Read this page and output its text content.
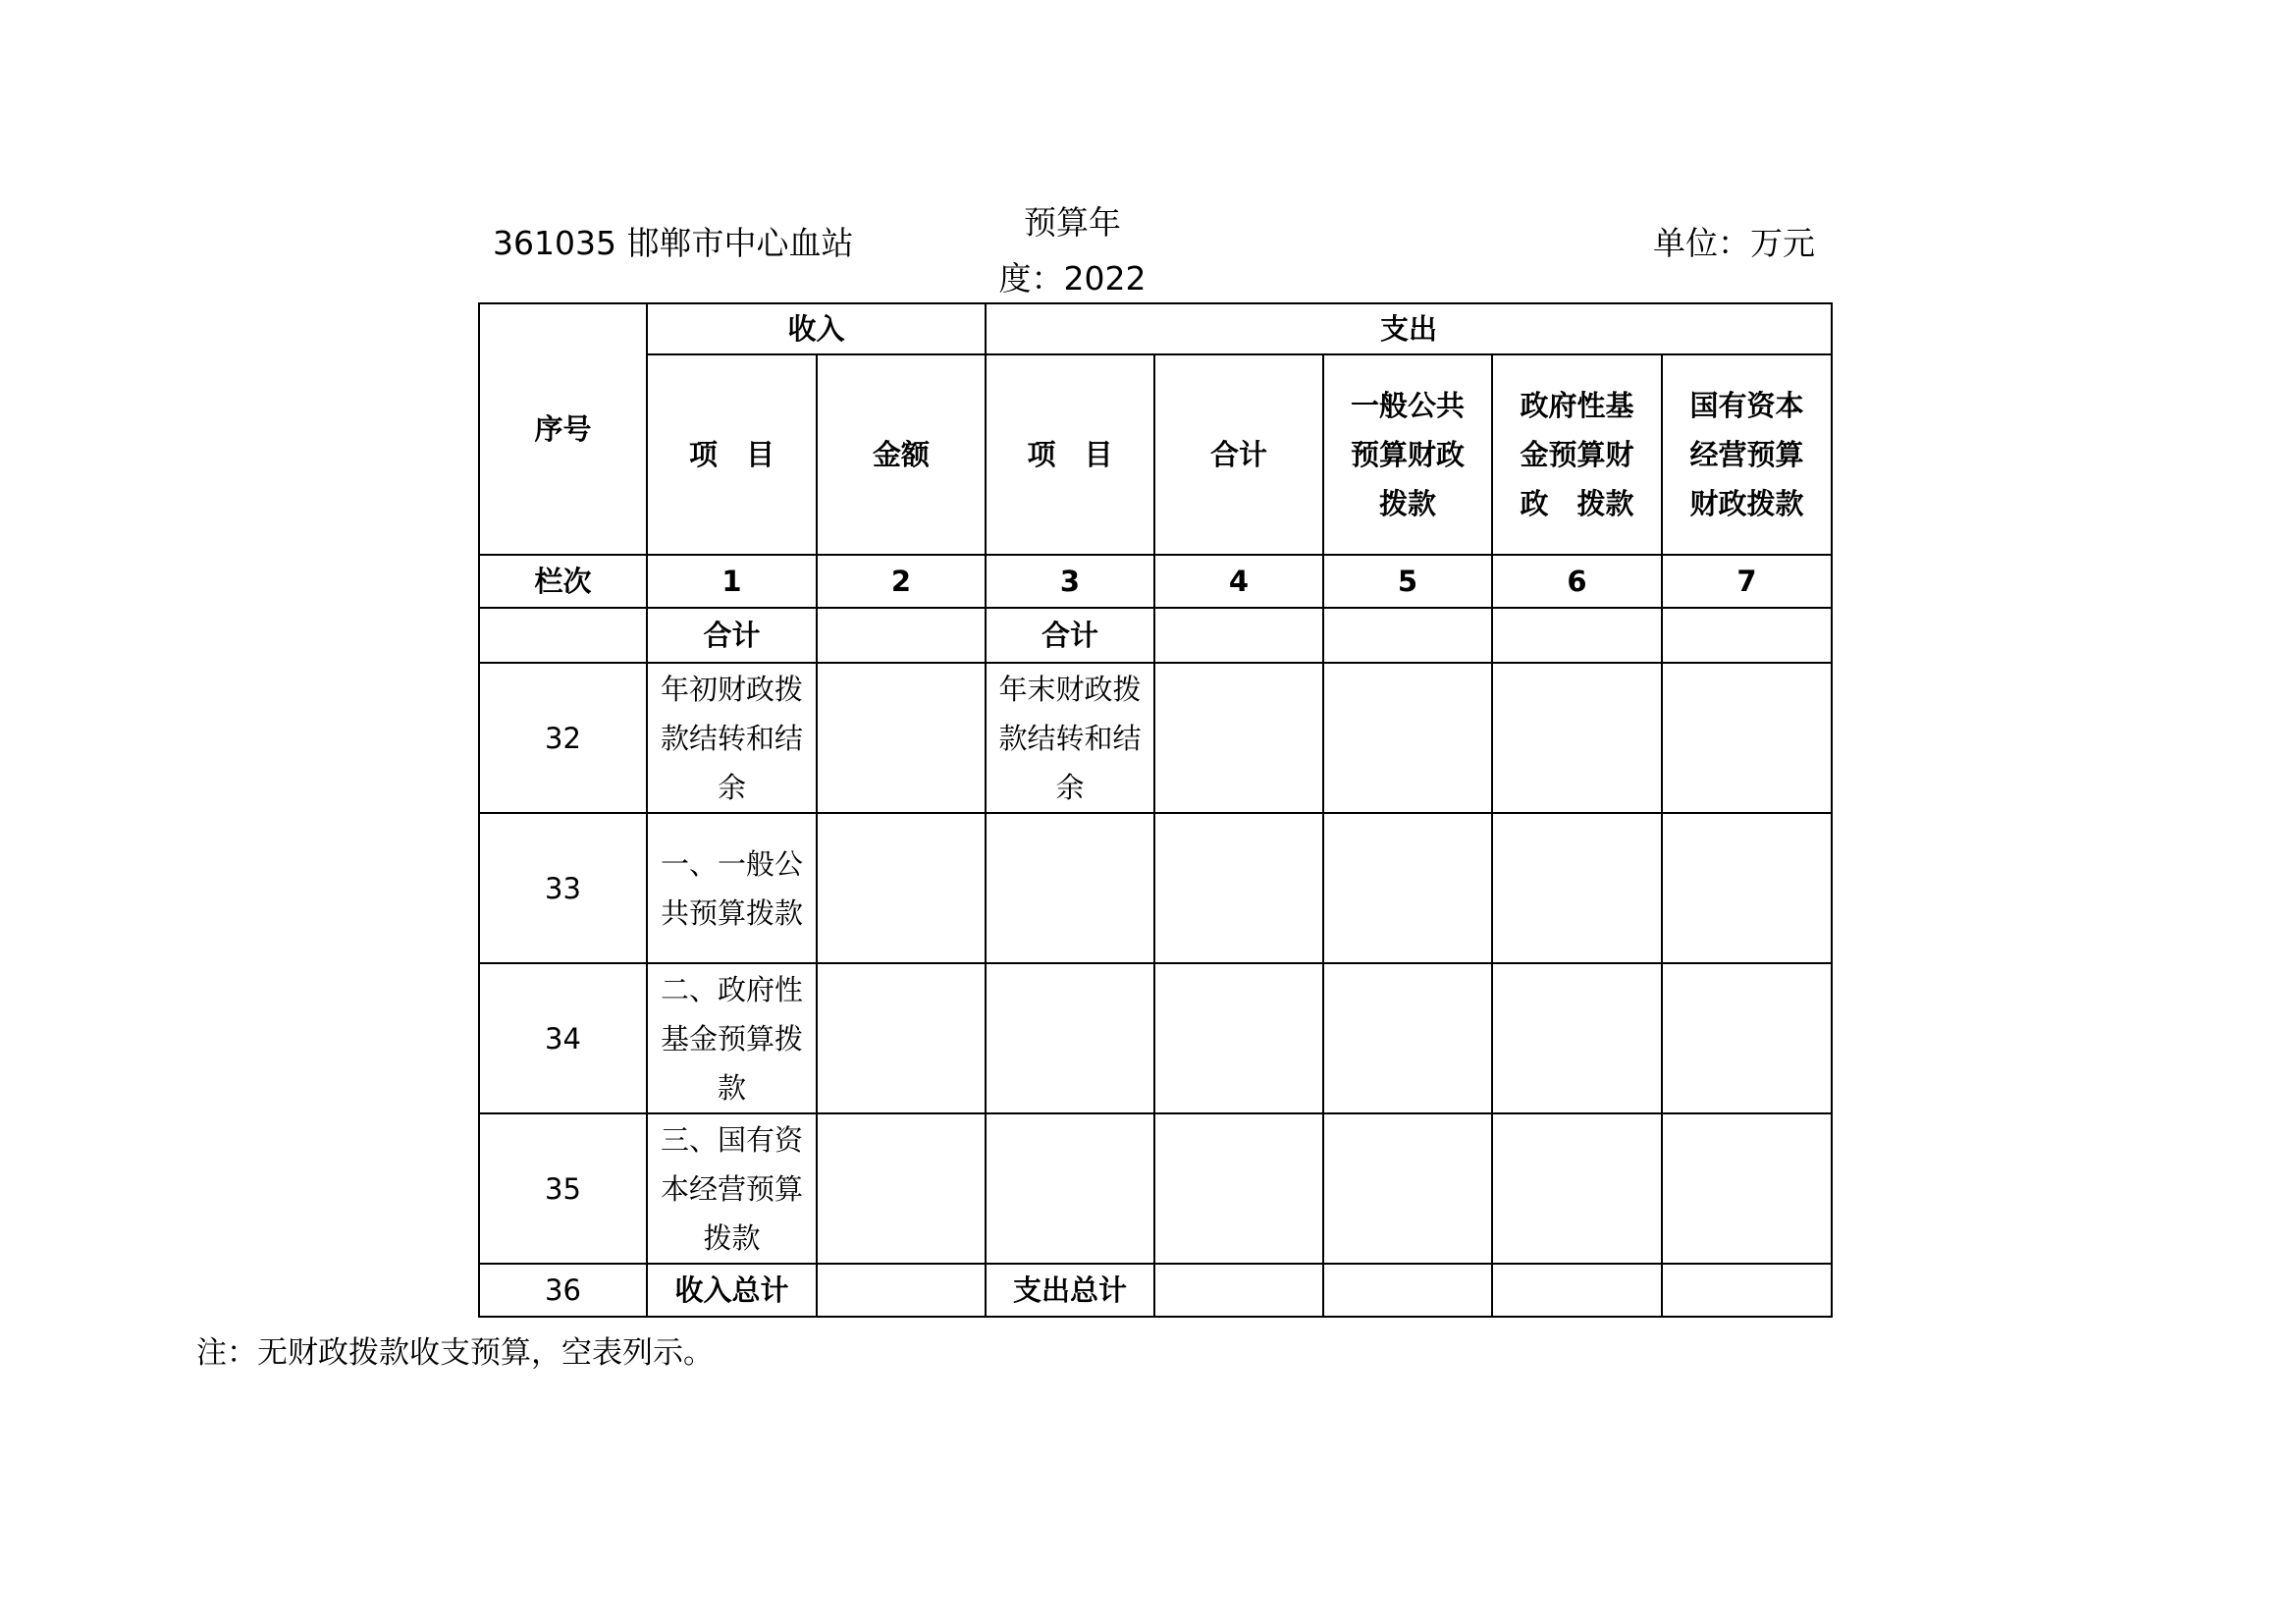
361035 邯郸市中心血站
预算年
度：2022
单位：万元
序号	收入		支出				
	项　目	金额	项　目	合计	一般公共预算财政拨款	政府性基金预算财政　拨款	国有资本经营预算财政拨款
栏次	1	2	3	4	5	6	7
	合计		合计				
32	年初财政拨款结转和结余		年末财政拨款结转和结余				
33	一、一般公共预算拨款						
34	二、政府性基金预算拨款						
35	三、国有资本经营预算拨款						
36	收入总计		支出总计				
注：无财政拨款收支预算，空表列示。
